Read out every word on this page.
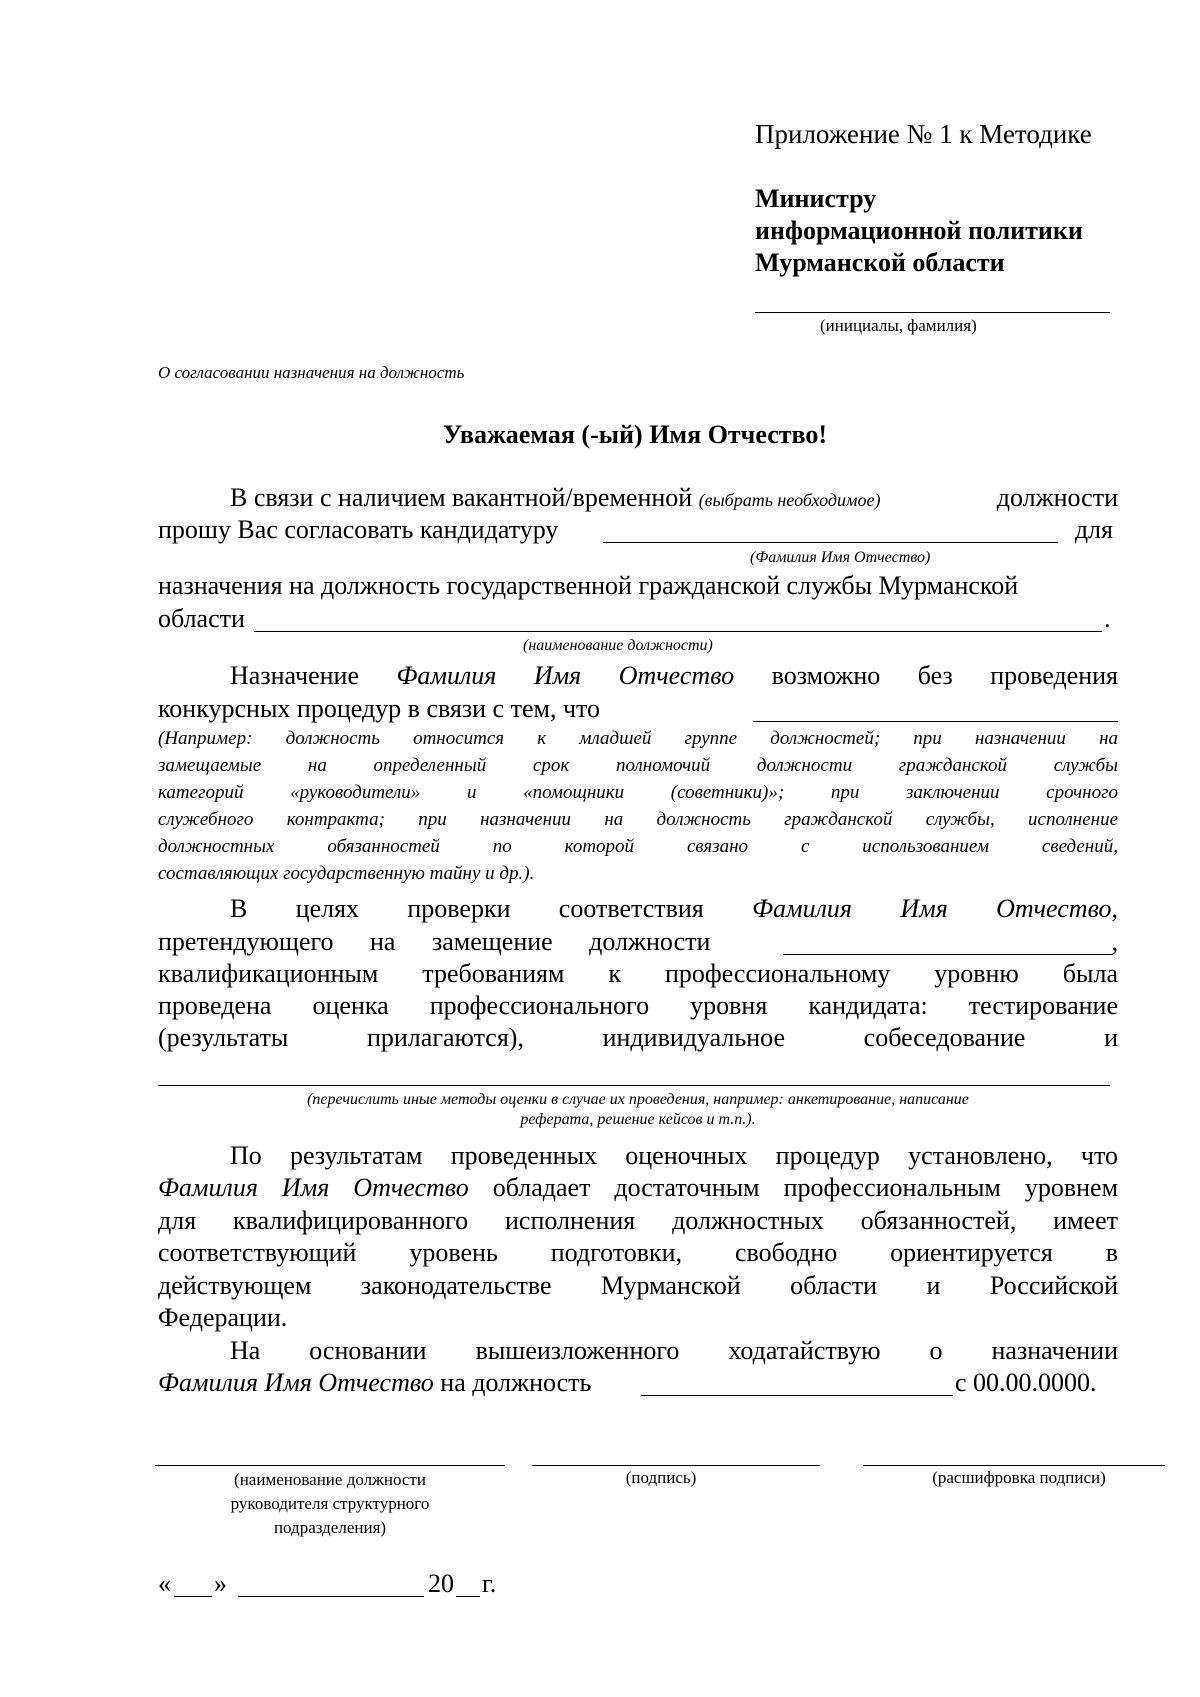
Приложение № 1 к Методике
Министру
информационной политики
Мурманской области
(инициалы, фамилия)
О согласовании назначения на должность
Уважаемая (-ый) Имя Отчество!
В связи с наличием вакантной/временной (выбрать необходимое)	должности
прошу Вас согласовать кандидатуру	для
(Фамилия Имя Отчество)
назначения на должность государственной гражданской службы Мурманской
области	.
(наименование должности)
Назначение Фамилия Имя Отчество возможно без проведения
конкурсных процедур в связи с тем, что
(Например: должность относится к младшей группе должностей; при назначении на
замещаемые на определенный срок полномочий должности гражданской службы
категорий «руководители» и «помощники (советники)»; при заключении срочного
служебного контракта; при назначении на должность гражданской службы, исполнение
должностных обязанностей по которой связано с использованием сведений,
составляющих государственную тайну и др.).
В целях проверки соответствия Фамилия Имя Отчество,
претендующего на замещение должности	,
квалификационным требованиям к профессиональному уровню была
проведена оценка профессионального уровня кандидата: тестирование
(результаты прилагаются), индивидуальное собеседование и
(перечислить иные методы оценки в случае их проведения, например: анкетирование, написание
реферата, решение кейсов и т.п.).
По результатам проведенных оценочных процедур установлено, что
Фамилия Имя Отчество обладает достаточным профессиональным уровнем
для квалифицированного исполнения должностных обязанностей, имеет
соответствующий уровень подготовки, свободно ориентируется в
действующем законодательстве Мурманской области и Российской
Федерации.
На основании вышеизложенного ходатайствую о назначении
Фамилия Имя Отчество на должность	с 00.00.0000.
(наименование должности
руководителя структурного
подразделения)
(подпись)	(расшифровка подписи)
« »	20 г.
